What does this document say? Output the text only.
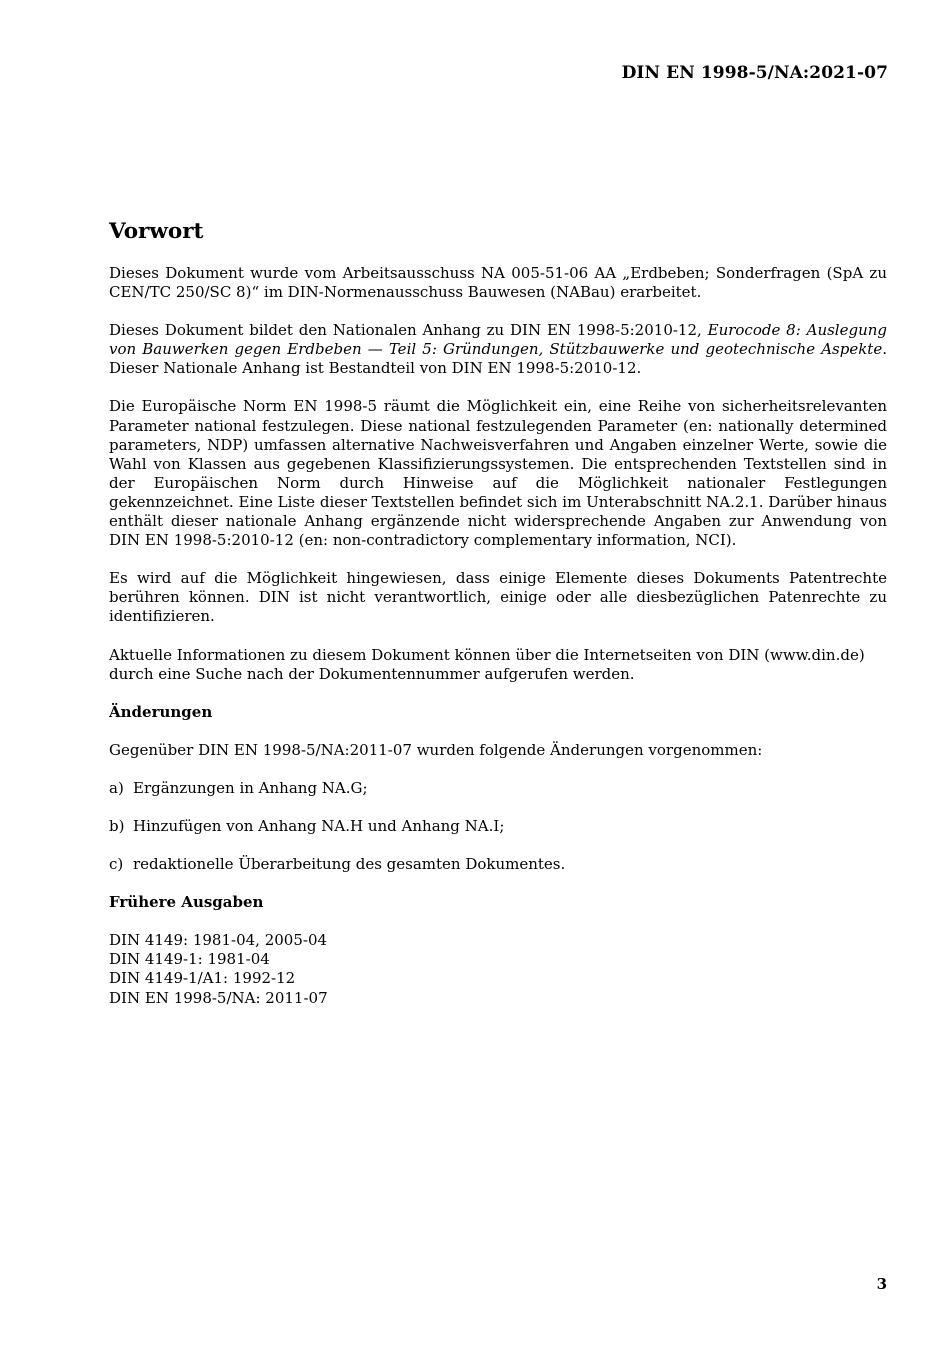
DIN EN 1998-5/NA:2021-07
Vorwort

Dieses Dokument wurde vom Arbeitsausschuss NA 005-51-06 AA „Erdbeben; Sonderfragen (SpA zu CEN/TC 250/SC 8)“ im DIN-Normenausschuss Bauwesen (NABau) erarbeitet.

Dieses Dokument bildet den Nationalen Anhang zu DIN EN 1998-5:2010-12, Eurocode 8: Auslegung von Bauwerken gegen Erdbeben — Teil 5: Gründungen, Stützbauwerke und geotechnische Aspekte. Dieser Nationale Anhang ist Bestandteil von DIN EN 1998-5:2010-12.

Die Europäische Norm EN 1998-5 räumt die Möglichkeit ein, eine Reihe von sicherheitsrelevanten Parameter national festzulegen. Diese national festzulegenden Parameter (en: nationally determined parameters, NDP) umfassen alternative Nachweisverfahren und Angaben einzelner Werte, sowie die Wahl von Klassen aus gegebenen Klassifizierungssystemen. Die entsprechenden Textstellen sind in der Europäischen Norm durch Hinweise auf die Möglichkeit nationaler Festlegungen gekennzeichnet. Eine Liste dieser Textstellen befindet sich im Unterabschnitt NA.2.1. Darüber hinaus enthält dieser nationale Anhang ergänzende nicht widersprechende Angaben zur Anwendung von DIN EN 1998-5:2010-12 (en: non-contradictory complementary information, NCI).

Es wird auf die Möglichkeit hingewiesen, dass einige Elemente dieses Dokuments Patentrechte berühren können. DIN ist nicht verantwortlich, einige oder alle diesbezüglichen Patenrechte zu identifizieren.

Aktuelle Informationen zu diesem Dokument können über die Internetseiten von DIN (www.din.de) durch eine Suche nach der Dokumentennummer aufgerufen werden.

Änderungen

Gegenüber DIN EN 1998-5/NA:2011-07 wurden folgende Änderungen vorgenommen:

a) Ergänzungen in Anhang NA.G;
b) Hinzufügen von Anhang NA.H und Anhang NA.I;
c) redaktionelle Überarbeitung des gesamten Dokumentes.
Frühere Ausgaben
DIN 4149: 1981-04, 2005-04
DIN 4149-1: 1981-04
DIN 4149-1/A1: 1992-12
DIN EN 1998-5/NA: 2011-07
3
